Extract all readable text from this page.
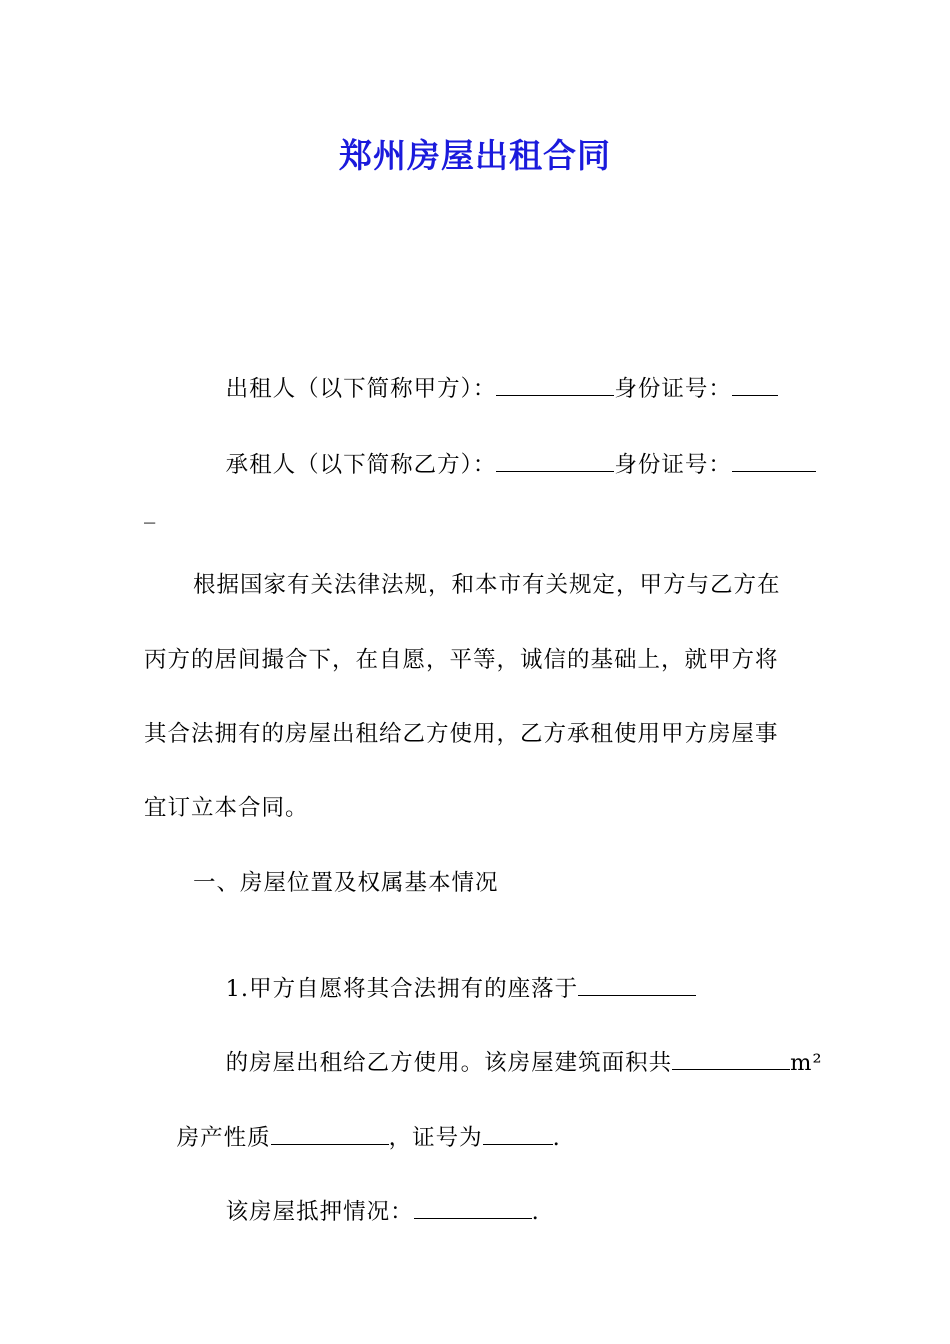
郑州房屋出租合同

出租人（以下简称甲方）：	身份证号：

承租人（以下简称乙方）：	身份证号：

_
根据国家有关法律法规，和本市有关规定，甲方与乙方在
丙方的居间撮合下，在自愿，平等，诚信的基础上，就甲方将
其合法拥有的房屋出租给乙方使用，乙方承租使用甲方房屋事
宜订立本合同。
一、房屋位置及权属基本情况

1.甲方自愿将其合法拥有的座落于

的房屋出租给乙方使用。该房屋建筑面积共	m²

房产性质	，证号为	.

该房屋抵押情况：	.
